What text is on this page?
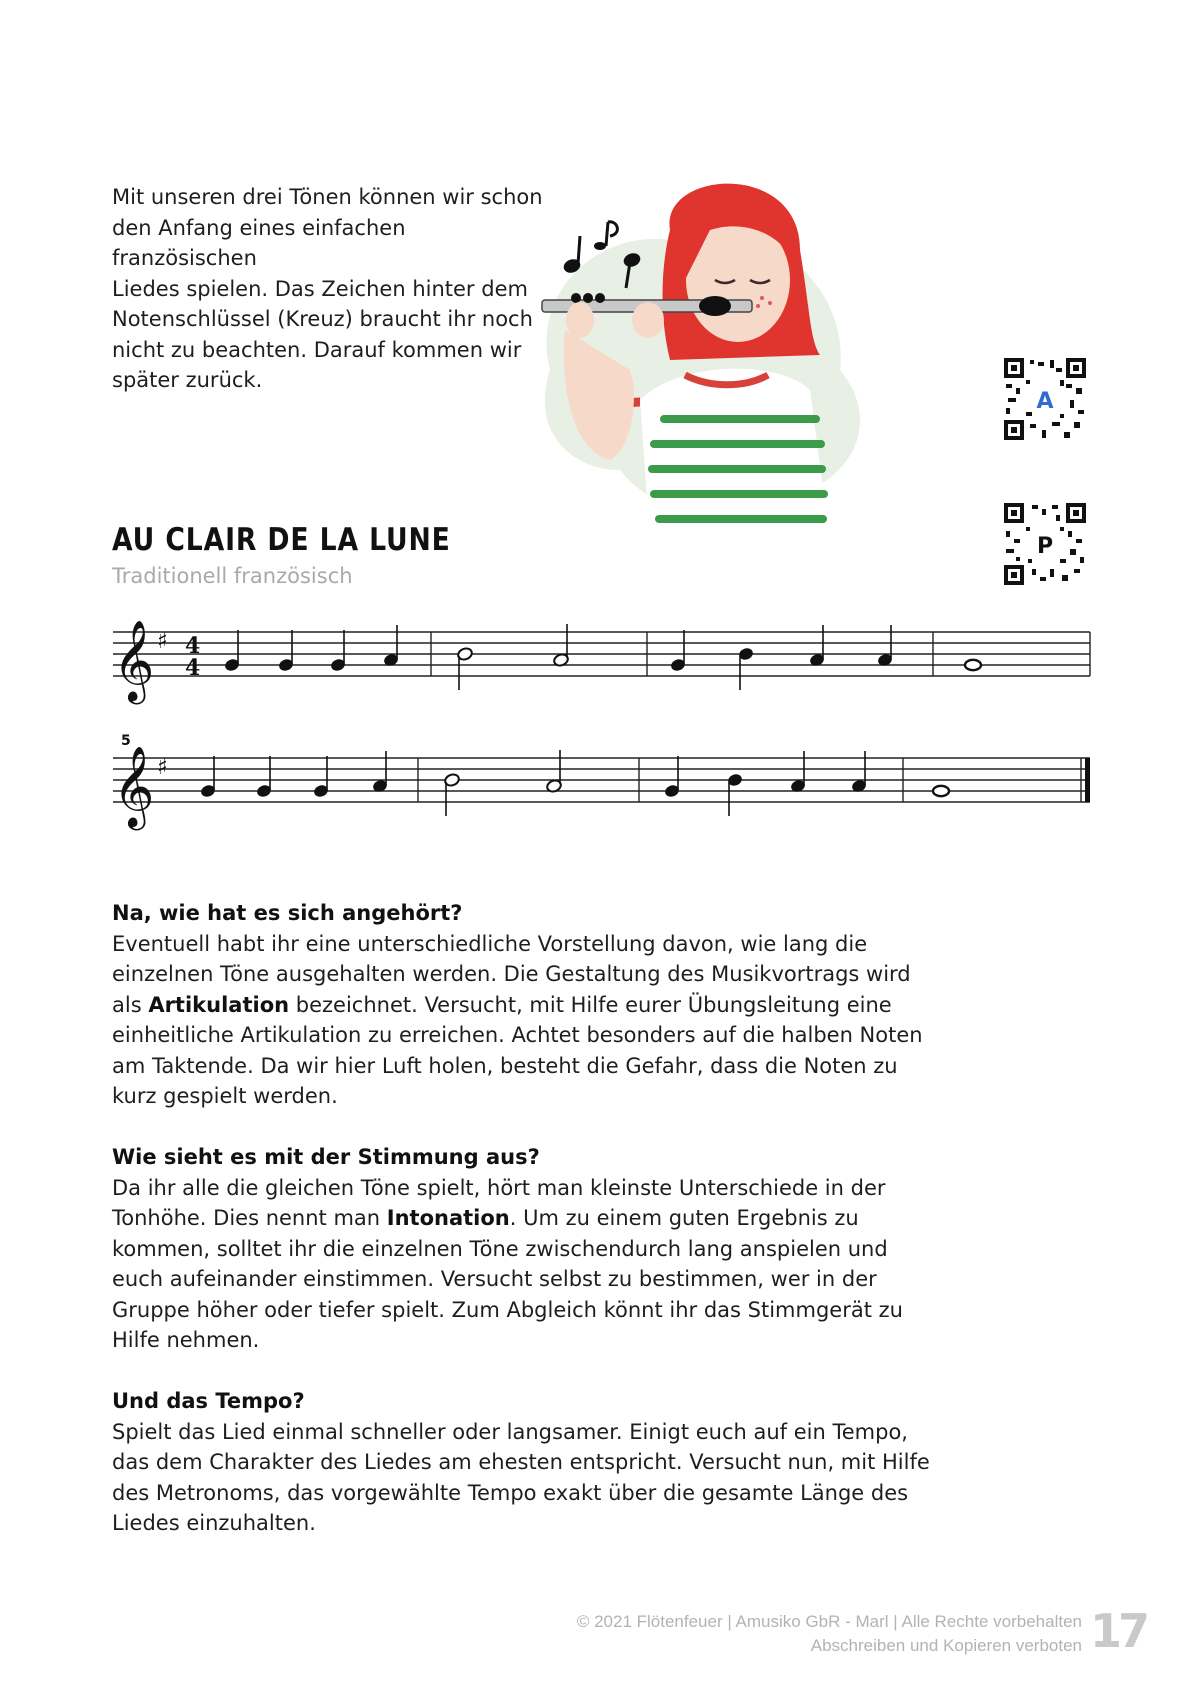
Mit unseren drei Tönen können wir schon
den Anfang eines einfachen französischen
Liedes spielen. Das Zeichen hinter dem
Notenschlüssel (Kreuz) braucht ihr noch
nicht zu beachten. Darauf kommen wir
später zurück.
A
P
AU CLAIR DE LA LUNE
Traditionell französisch
𝄞 ♯ 4
4
5
𝄞 ♯
Na, wie hat es sich angehört?

Eventuell habt ihr eine unterschiedliche Vorstellung davon, wie lang die einzelnen Töne ausgehalten werden. Die Gestaltung des Musikvortrags wird als Artikulation bezeichnet. Versucht, mit Hilfe eurer Übungsleitung eine einheitliche Artikulation zu erreichen. Achtet besonders auf die halben Noten am Taktende. Da wir hier Luft holen, besteht die Gefahr, dass die Noten zu kurz gespielt werden.

Wie sieht es mit der Stimmung aus?

Da ihr alle die gleichen Töne spielt, hört man kleinste Unterschiede in der Tonhöhe. Dies nennt man Intonation. Um zu einem guten Ergebnis zu kommen, solltet ihr die einzelnen Töne zwischendurch lang anspielen und euch aufeinander einstimmen. Versucht selbst zu bestimmen, wer in der Gruppe höher oder tiefer spielt. Zum Abgleich könnt ihr das Stimmgerät zu Hilfe nehmen.

Und das Tempo?

Spielt das Lied einmal schneller oder langsamer. Einigt euch auf ein Tempo, das dem Charakter des Liedes am ehesten entspricht. Versucht nun, mit Hilfe des Metronoms, das vorgewählte Tempo exakt über die gesamte Länge des Liedes einzuhalten.

© 2021 Flötenfeuer | Amusiko GbR - Marl | Alle Rechte vorbehalten
Abschreiben und Kopieren verboten 17
